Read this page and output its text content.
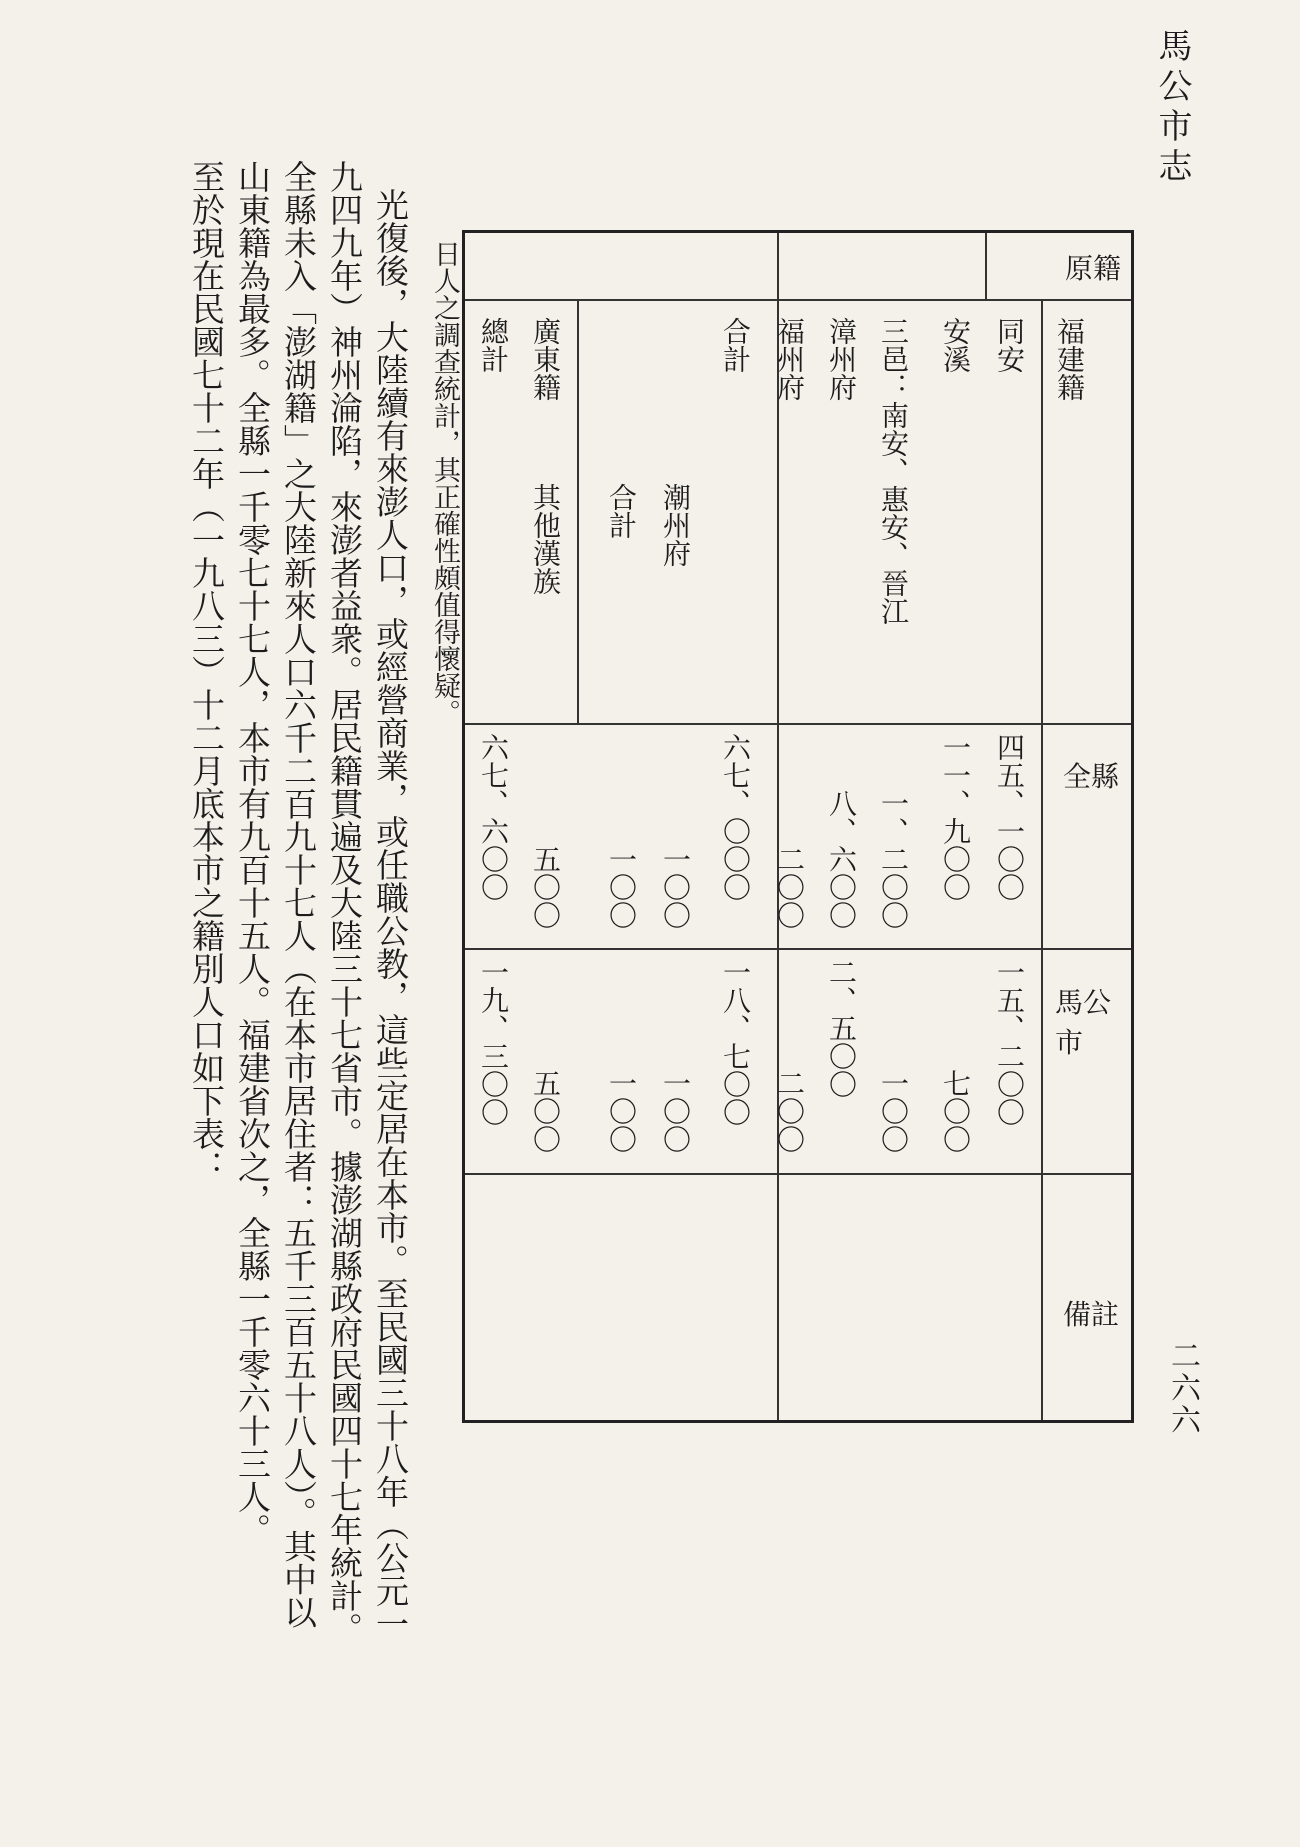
馬公市志
二六六
原籍
全縣
馬公市
備註
福建籍
廣東籍	同安
安溪
三邑：南安、惠安、晉江
漳州府
福州府
合計
潮州府
合計
其他漢族
總計
四五、一〇〇
一一、九〇〇
一、二〇〇
八、六〇〇
二〇〇
六七、〇〇〇
一〇〇
一〇〇
五〇〇
六七、六〇〇
一五、二〇〇
七〇〇
一〇〇
二、五〇〇
二〇〇
一八、七〇〇
一〇〇
一〇〇
五〇〇
一九、三〇〇
日人之調查統計，其正確性頗值得懷疑。
光復後，大陸續有來澎人口，或經營商業，或任職公教，這些定居在本市。至民國三十八年（公元一
九四九年）神州淪陷，來澎者益衆。居民籍貫遍及大陸三十七省市。據澎湖縣政府民國四十七年統計。
全縣未入「澎湖籍」之大陸新來人口六千二百九十七人（在本市居住者：五千三百五十八人）。其中以
山東籍為最多。全縣一千零七十七人，本市有九百十五人。福建省次之，全縣一千零六十三人。
至於現在民國七十二年（一九八三）十二月底本市之籍別人口如下表：
